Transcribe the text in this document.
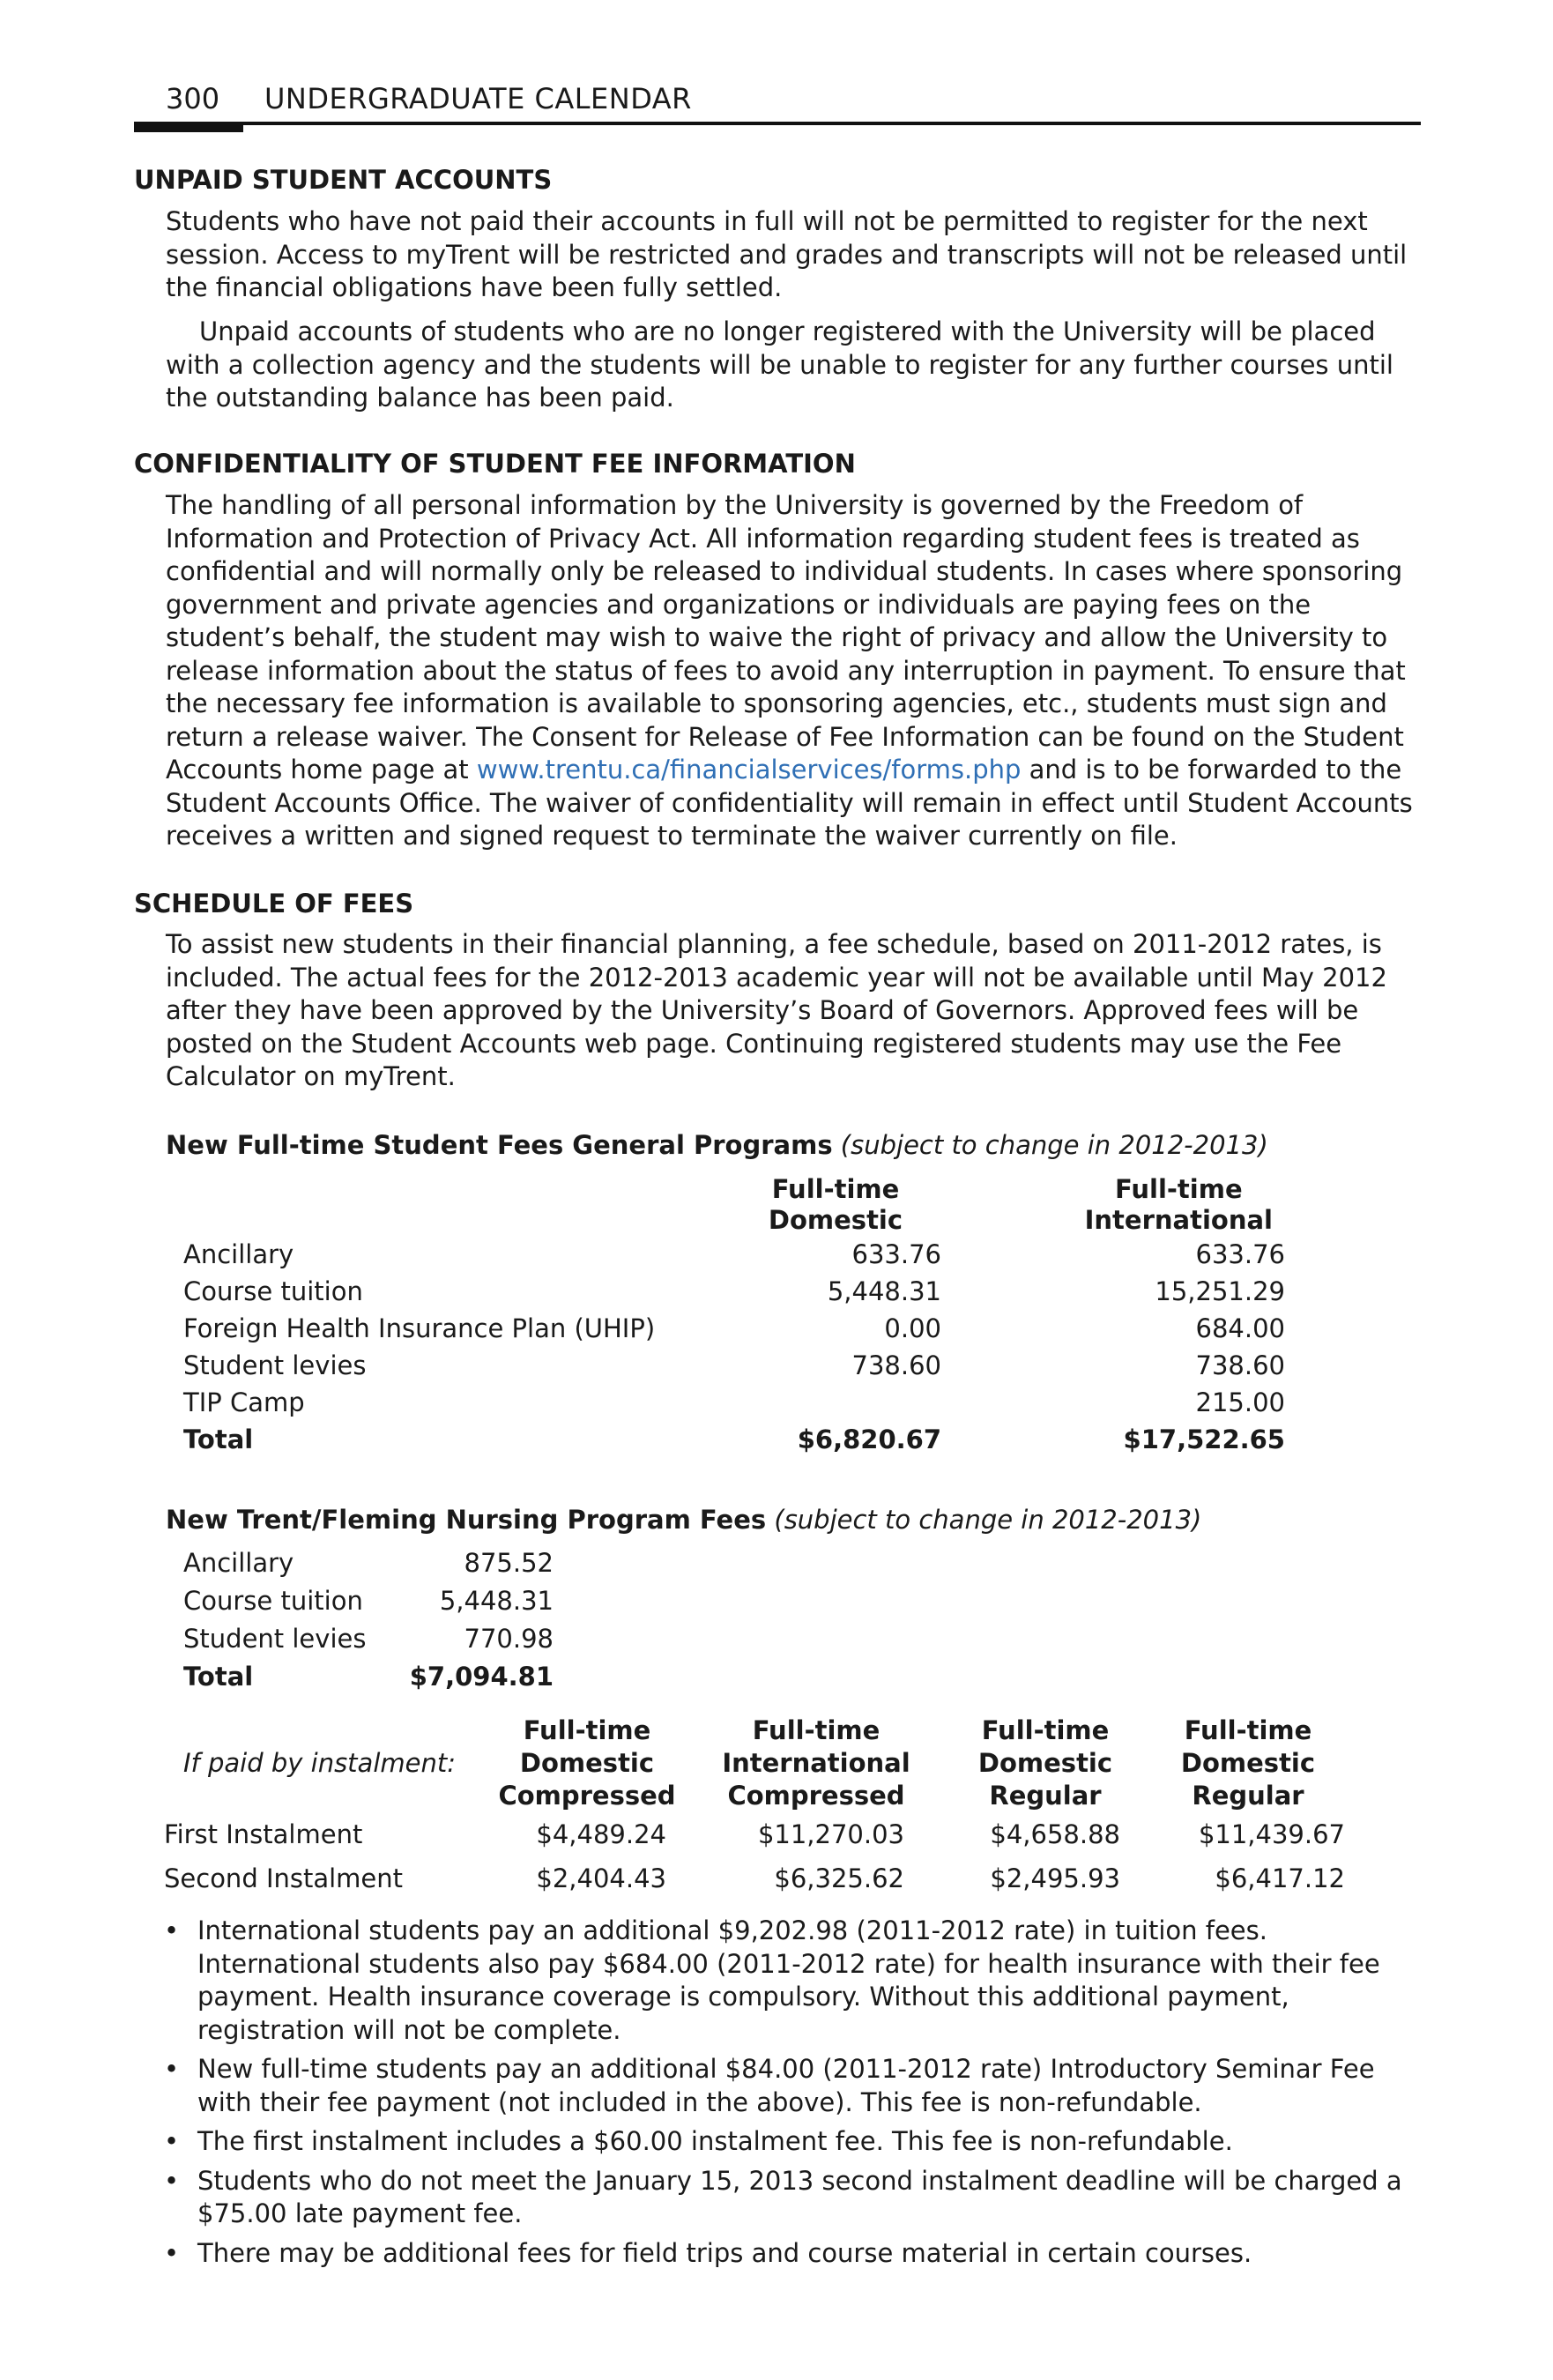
300 UNDERGRADUATE CALENDAR
UNPAID STUDENT ACCOUNTS

Students who have not paid their accounts in full will not be permitted to register for the next session. Access to myTrent will be restricted and grades and transcripts will not be released until the financial obligations have been fully settled.

Unpaid accounts of students who are no longer registered with the University will be placed with a collection agency and the students will be unable to register for any further courses until the outstanding balance has been paid.

CONFIDENTIALITY OF STUDENT FEE INFORMATION

The handling of all personal information by the University is governed by the Freedom of Information and Protection of Privacy Act. All information regarding student fees is treated as confidential and will normally only be released to individual students. In cases where sponsoring government and private agencies and organizations or individuals are paying fees on the student’s behalf, the student may wish to waive the right of privacy and allow the University to release information about the status of fees to avoid any interruption in payment. To ensure that the necessary fee information is available to sponsoring agencies, etc., students must sign and return a release waiver. The Consent for Release of Fee Information can be found on the Student Accounts home page at www.trentu.ca/financialservices/forms.php and is to be forwarded to the Student Accounts Office. The waiver of confidentiality will remain in effect until Student Accounts receives a written and signed request to terminate the waiver currently on file.

SCHEDULE OF FEES

To assist new students in their financial planning, a fee schedule, based on 2011-2012 rates, is included. The actual fees for the 2012-2013 academic year will not be available until May 2012 after they have been approved by the University’s Board of Governors. Approved fees will be posted on the Student Accounts web page. Continuing registered students may use the Fee Calculator on myTrent.

New Full-time Student Fees General Programs (subject to change in 2012-2013)

	Full-time
Domestic	Full-time
International
Ancillary	633.76	633.76
Course tuition	5,448.31	15,251.29
Foreign Health Insurance Plan (UHIP)	0.00	684.00
Student levies	738.60	738.60
TIP Camp		215.00
Total	$6,820.67	$17,522.65

New Trent/Fleming Nursing Program Fees (subject to change in 2012-2013)

Ancillary	875.52
Course tuition	5,448.31
Student levies	770.98
Total	$7,094.81
If paid by instalment:	Full-time
Domestic
Compressed	Full-time
International
Compressed	Full-time
Domestic
Regular	Full-time
Domestic
Regular
First Instalment	$4,489.24	$11,270.03	$4,658.88	$11,439.67
Second Instalment	$2,404.43	$6,325.62	$2,495.93	$6,417.12
• International students pay an additional $9,202.98 (2011-2012 rate) in tuition fees. International students also pay $684.00 (2011-2012 rate) for health insurance with their fee payment. Health insurance coverage is compulsory. Without this additional payment, registration will not be complete.
• New full-time students pay an additional $84.00 (2011-2012 rate) Introductory Seminar Fee with their fee payment (not included in the above). This fee is non-refundable.
• The first instalment includes a $60.00 instalment fee. This fee is non-refundable.
• Students who do not meet the January 15, 2013 second instalment deadline will be charged a $75.00 late payment fee.
• There may be additional fees for field trips and course material in certain courses.
